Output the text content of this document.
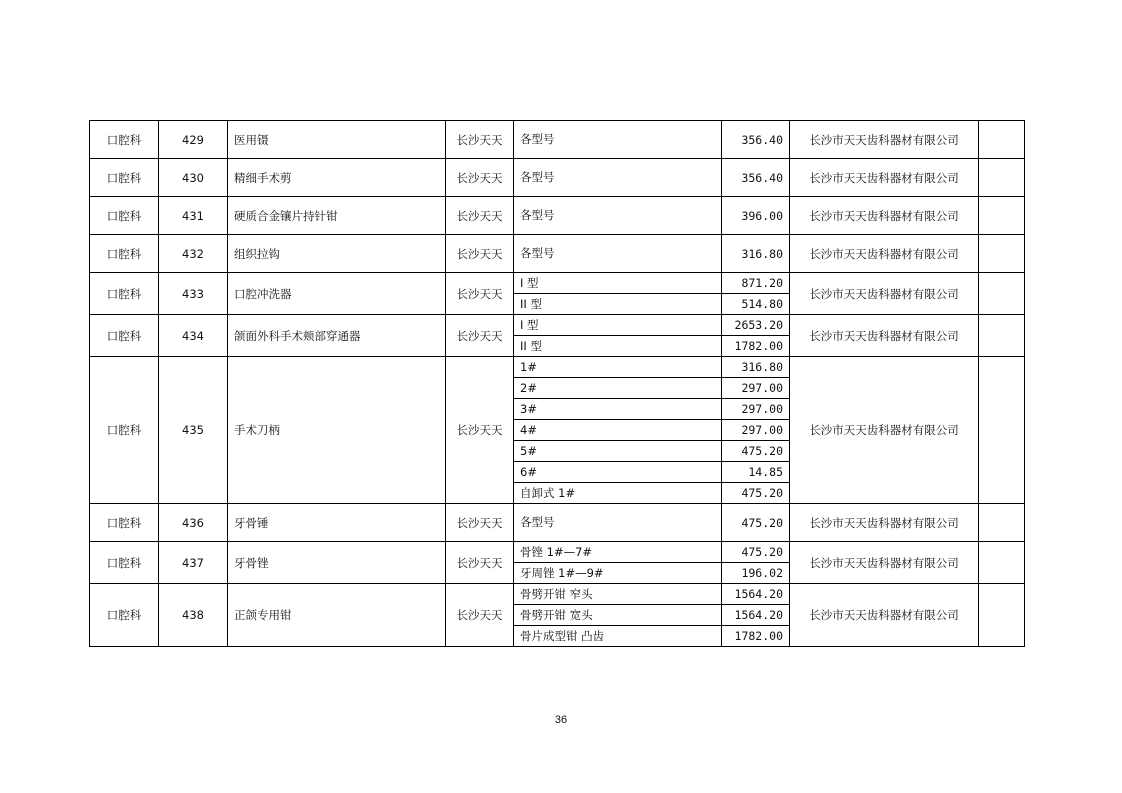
口腔科	429	医用镊	长沙天天	各型号	356.40	长沙市天天齿科器材有限公司	
口腔科	430	精细手术剪	长沙天天	各型号	356.40	长沙市天天齿科器材有限公司	
口腔科	431	硬质合金镶片持针钳	长沙天天	各型号	396.00	长沙市天天齿科器材有限公司	
口腔科	432	组织拉钩	长沙天天	各型号	316.80	长沙市天天齿科器材有限公司	
口腔科	433	口腔冲洗器	长沙天天	I 型	871.20	长沙市天天齿科器材有限公司	
				II 型	514.80		
口腔科	434	颌面外科手术颊部穿通器	长沙天天	I 型	2653.20	长沙市天天齿科器材有限公司	
				II 型	1782.00		
口腔科	435	手术刀柄	长沙天天	1#	316.80	长沙市天天齿科器材有限公司	
				2#	297.00		
				3#	297.00		
				4#	297.00		
				5#	475.20		
				6#	14.85		
				自卸式 1#	475.20		
口腔科	436	牙骨锤	长沙天天	各型号	475.20	长沙市天天齿科器材有限公司	
口腔科	437	牙骨锉	长沙天天	骨锉 1#—7#	475.20	长沙市天天齿科器材有限公司	
				牙周锉 1#—9#	196.02		
口腔科	438	正颌专用钳	长沙天天	骨劈开钳 窄头	1564.20	长沙市天天齿科器材有限公司	
				骨劈开钳 宽头	1564.20		
				骨片成型钳 凸齿	1782.00		
36
